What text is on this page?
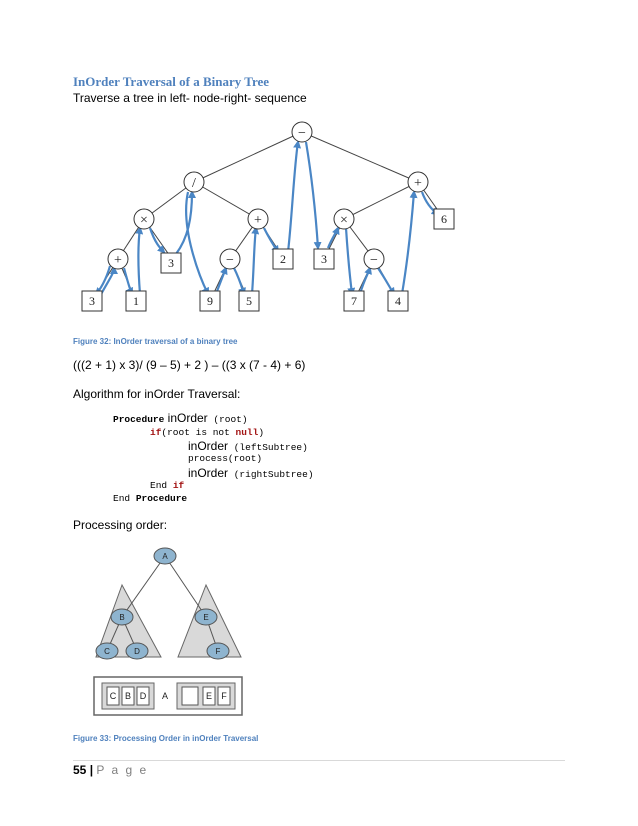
InOrder Traversal of a Binary Tree
Traverse a tree in left- node-right- sequence
−
/	+
×	+	×
+	−	−
6
3	2	3
3	1	9	5	7	4
Figure 32: InOrder traversal of a binary tree
(((2 + 1) x 3)/ (9 – 5) + 2 ) – ((3 x (7 - 4) + 6)
Algorithm for inOrder Traversal:
Procedure inOrder (root)
if(root is not null)
inOrder (leftSubtree)
process(root)
inOrder (rightSubtree)
End if
End Procedure
Processing order:
A
B	E
C	D	F
C B D A	E F
Figure 33: Processing Order in inOrder Traversal
55 | P a g e
